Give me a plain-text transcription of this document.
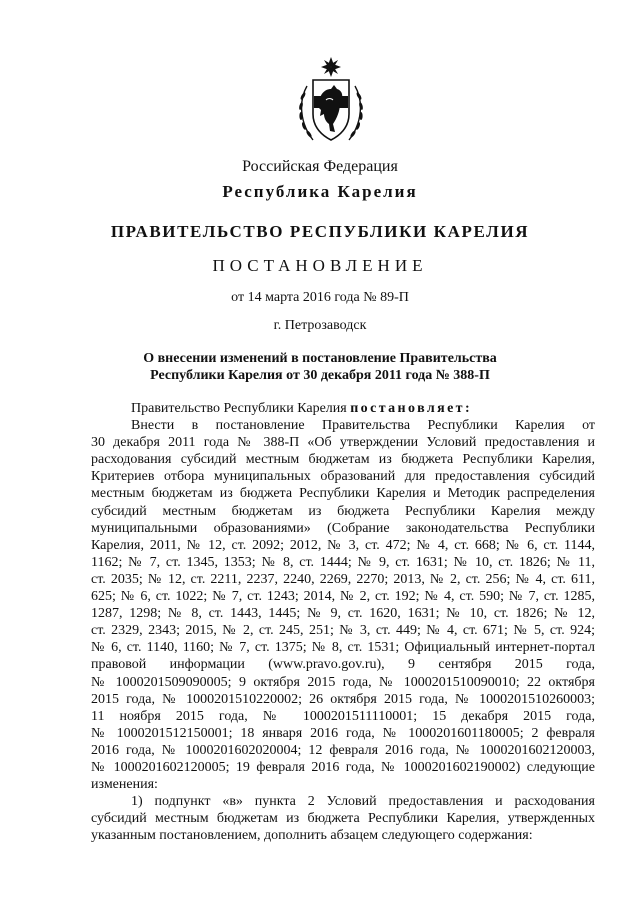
Российская Федерация
Республика Карелия
ПРАВИТЕЛЬСТВО РЕСПУБЛИКИ КАРЕЛИЯ
ПОСТАНОВЛЕНИЕ
от 14 марта 2016 года № 89-П
г. Петрозаводск
О внесении изменений в постановление Правительства
Республики Карелия от 30 декабря 2011 года № 388-П

Правительство Республики Карелия постановляет:

Внести в постановление Правительства Республики Карелия от

30 декабря 2011 года № 388-П «Об утверждении Условий предоставления и

расходования субсидий местным бюджетам из бюджета Республики Карелия,

Критериев отбора муниципальных образований для предоставления субсидий

местным бюджетам из бюджета Республики Карелия и Методик распределения

субсидий местным бюджетам из бюджета Республики Карелия между

муниципальными образованиями» (Собрание законодательства Республики

Карелия, 2011, № 12, ст. 2092; 2012, № 3, ст. 472; № 4, ст. 668; № 6, ст. 1144,

1162; № 7, ст. 1345, 1353; № 8, ст. 1444; № 9, ст. 1631; № 10, ст. 1826; № 11,

ст. 2035; № 12, ст. 2211, 2237, 2240, 2269, 2270; 2013, № 2, ст. 256; № 4, ст. 611,

625; № 6, ст. 1022; № 7, ст. 1243; 2014, № 2, ст. 192; № 4, ст. 590; № 7, ст. 1285,

1287, 1298; № 8, ст. 1443, 1445; № 9, ст. 1620, 1631; № 10, ст. 1826; № 12,

ст. 2329, 2343; 2015, № 2, ст. 245, 251; № 3, ст. 449; № 4, ст. 671; № 5, ст. 924;

№ 6, ст. 1140, 1160; № 7, ст. 1375; № 8, ст. 1531; Официальный интернет-портал

правовой информации (www.pravo.gov.ru), 9 сентября 2015 года,

№ 1000201509090005; 9 октября 2015 года, № 1000201510090010; 22 октября

2015 года, № 1000201510220002; 26 октября 2015 года, № 1000201510260003;

11 ноября 2015 года, № 1000201511110001; 15 декабря 2015 года,

№ 1000201512150001; 18 января 2016 года, № 1000201601180005; 2 февраля

2016 года, № 1000201602020004; 12 февраля 2016 года, № 1000201602120003,

№ 1000201602120005; 19 февраля 2016 года, № 1000201602190002) следующие

изменения:

1) подпункт «в» пункта 2 Условий предоставления и расходования

субсидий местным бюджетам из бюджета Республики Карелия, утвержденных

указанным постановлением, дополнить абзацем следующего содержания:
